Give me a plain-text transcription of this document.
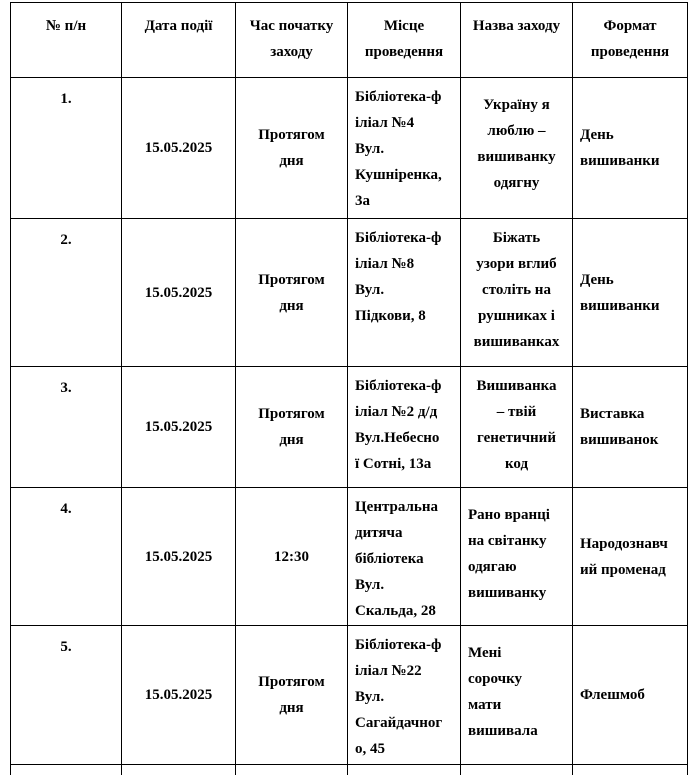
№ п/н	Дата події	Час початку заходу	Місце проведення	Назва заходу	Формат проведення
1.	15.05.2025	Протягом
дня	Бібліотека-ф
іліал №4
Вул.
Кушніренка,
3а	Україну я
люблю –
вишиванку
одягну	День
вишиванки

2.	15.05.2025	Протягом
дня	Бібліотека-ф
іліал №8
Вул.
Підкови, 8	Біжать
узори вглиб
століть на
рушниках і
вишиванках	День
вишиванки

3.	15.05.2025	Протягом
дня	Бібліотека-ф
іліал №2 д/д
Вул.Небесно
ї Сотні, 13а	Вишиванка
– твій
генетичний
код	Виставка
вишиванок

4.	15.05.2025	12:30	Центральна
дитяча
бібліотека
Вул.
Скальда, 28	Рано вранці
на світанку
одягаю
вишиванку	Народознавч
ий променад

5.	15.05.2025	Протягом
дня	Бібліотека-ф
іліал №22
Вул.
Сагайдачног
о, 45	Мені
сорочку
мати
вишивала	Флешмоб
